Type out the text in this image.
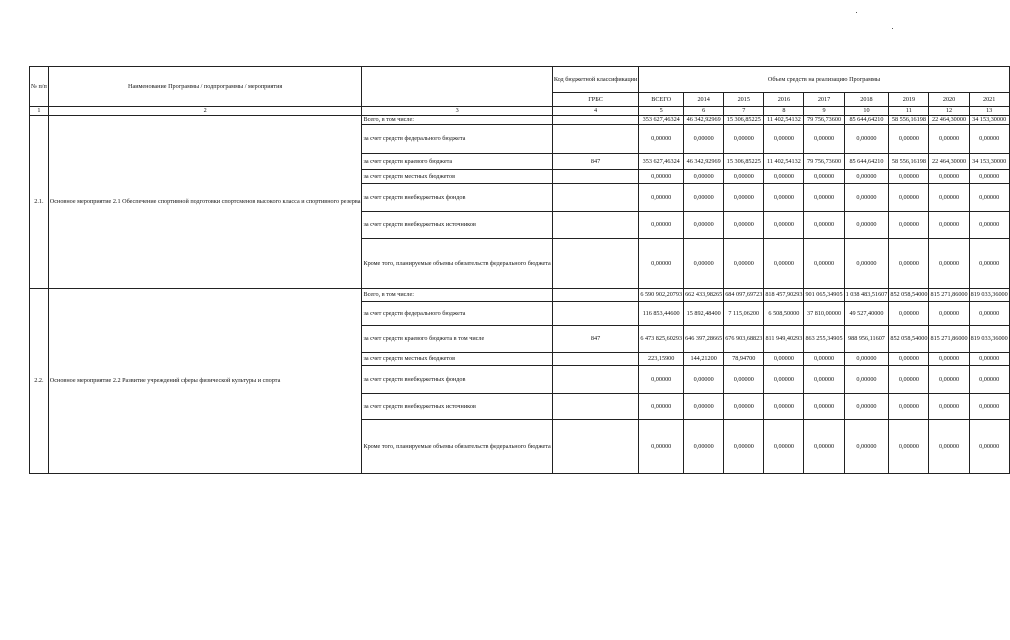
№ п/п	Наименование Программы / подпрограммы / мероприятия		Код бюджетной классификации	Объем средств на реализацию Программы								
			ГРБС	ВСЕГО	2014	2015	2016	2017	2018	2019	2020	2021
1	2	3	4	5	6	7	8	9	10	11	12	13
2.1.	Основное мероприятие 2.1 Обеспечение спортивной подготовки спортсменов высокого класса и спортивного резерва	Всего, в том числе:		353 627,46324	46 342,92969	15 306,85225	11 402,54132	79 756,73600	85 644,64210	58 556,16198	22 464,30000	34 153,30000
		за счет средств федерального бюджета		0,00000	0,00000	0,00000	0,00000	0,00000	0,00000	0,00000	0,00000	0,00000
		за счет средств краевого бюджета	847	353 627,46324	46 342,92969	15 306,85225	11 402,54132	79 756,73600	85 644,64210	58 556,16198	22 464,30000	34 153,30000
		за счет средств местных бюджетов		0,00000	0,00000	0,00000	0,00000	0,00000	0,00000	0,00000	0,00000	0,00000
		за счет средств внебюджетных фондов		0,00000	0,00000	0,00000	0,00000	0,00000	0,00000	0,00000	0,00000	0,00000
		за счет средств внебюджетных источников		0,00000	0,00000	0,00000	0,00000	0,00000	0,00000	0,00000	0,00000	0,00000
		Кроме того, планируемые объемы обязательств федерального бюджета		0,00000	0,00000	0,00000	0,00000	0,00000	0,00000	0,00000	0,00000	0,00000
2.2.	Основное мероприятие 2.2 Развитие учреждений сферы физической культуры и спорта	Всего, в том числе:		6 590 902,20793	662 433,98265	684 097,69723	818 457,90293	901 065,34905	1 038 483,51607	852 058,54000	815 271,86000	819 033,36000
		за счет средств федерального бюджета		116 853,44600	15 892,48400	7 115,06200	6 508,50000	37 810,00000	49 527,40000	0,00000	0,00000	0,00000
		за счет средств краевого бюджета в том числе	847	6 473 825,60293	646 397,28665	676 903,68823	811 949,40293	863 255,34905	988 956,11607	852 058,54000	815 271,86000	819 033,36000
		за счет средств местных бюджетов		223,15900	144,21200	78,94700	0,00000	0,00000	0,00000	0,00000	0,00000	0,00000
		за счет средств внебюджетных фондов		0,00000	0,00000	0,00000	0,00000	0,00000	0,00000	0,00000	0,00000	0,00000
		за счет средств внебюджетных источников		0,00000	0,00000	0,00000	0,00000	0,00000	0,00000	0,00000	0,00000	0,00000
		Кроме того, планируемые объемы обязательств федерального бюджета		0,00000	0,00000	0,00000	0,00000	0,00000	0,00000	0,00000	0,00000	0,00000
